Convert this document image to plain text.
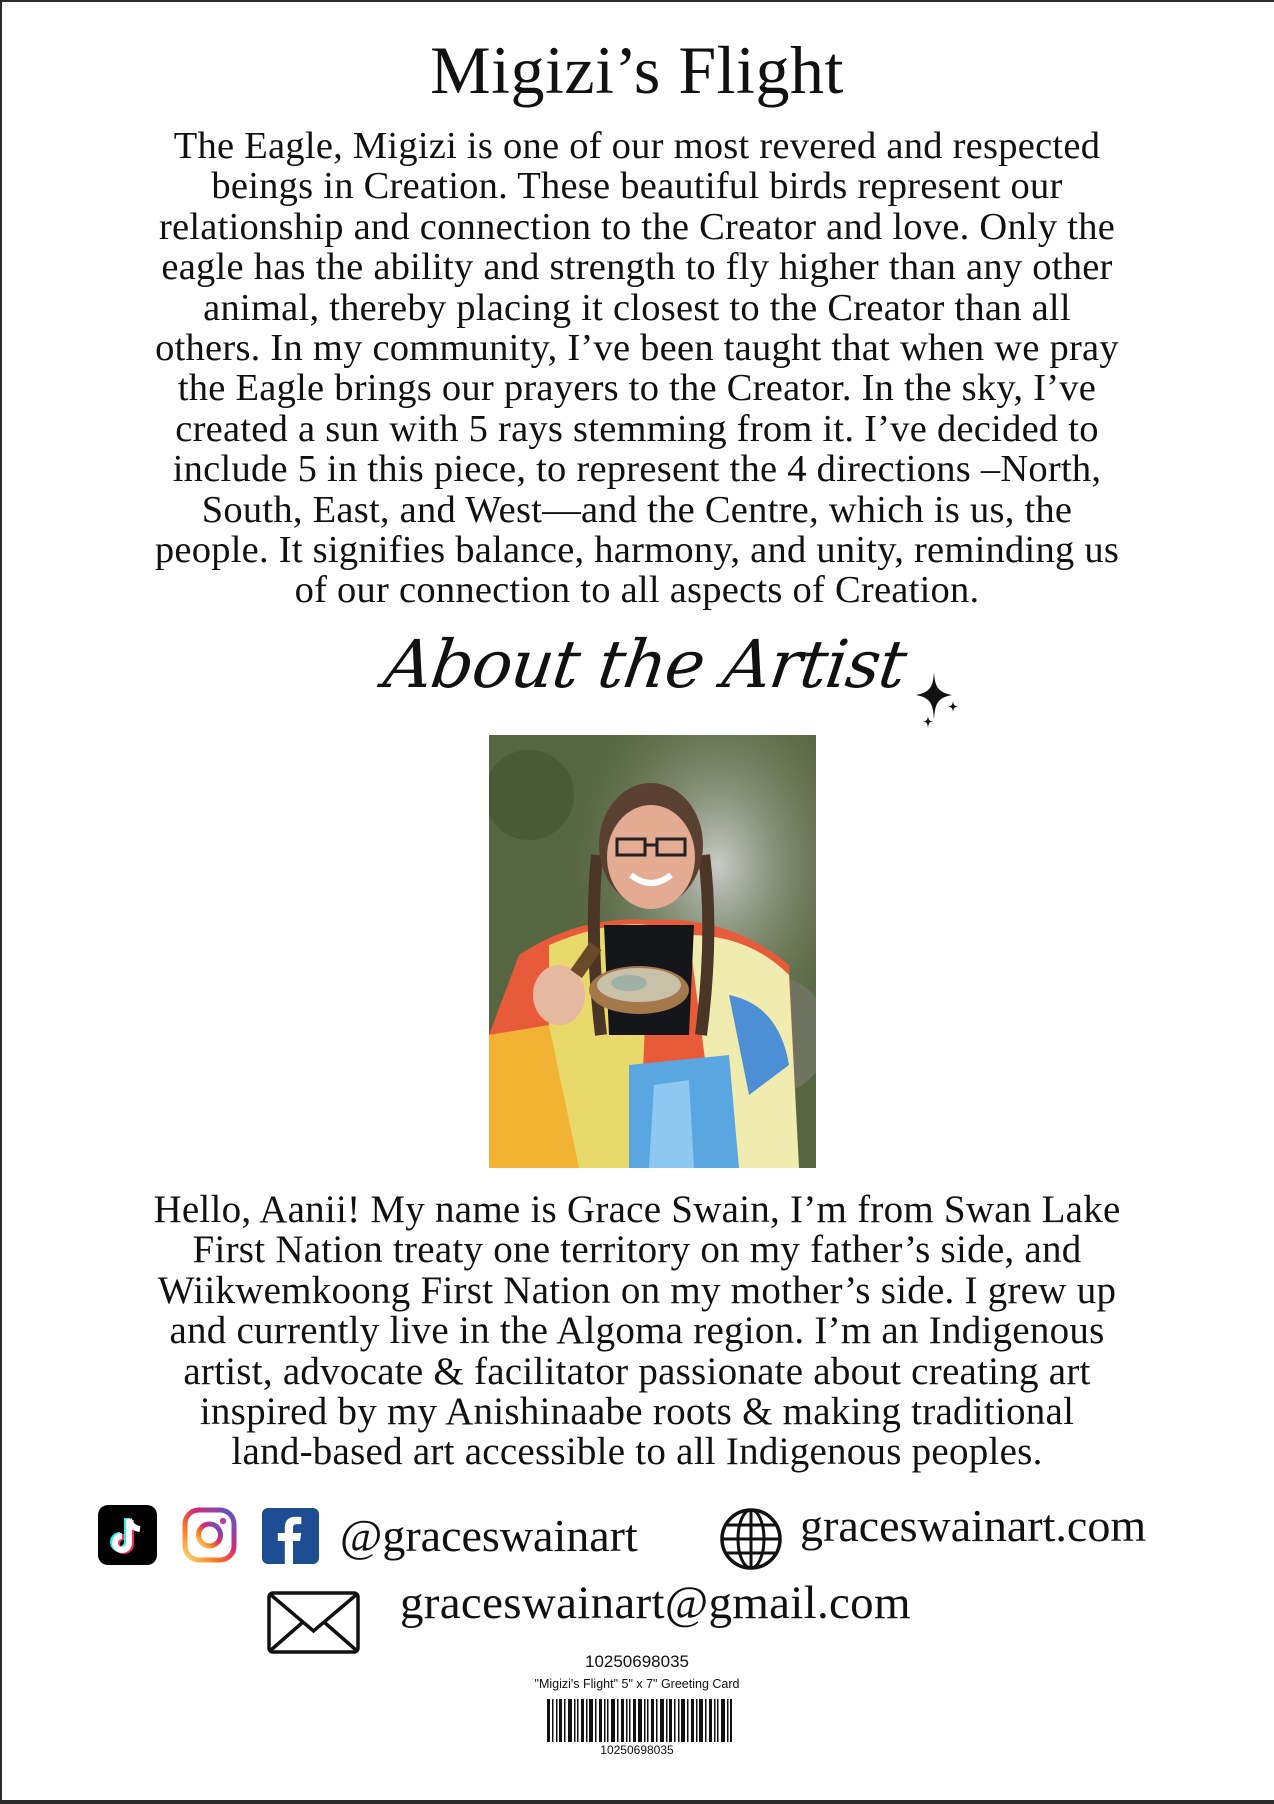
Migizi’s Flight
The Eagle, Migizi is one of our most revered and respected
beings in Creation. These beautiful birds represent our
relationship and connection to the Creator and love. Only the
eagle has the ability and strength to fly higher than any other
animal, thereby placing it closest to the Creator than all
others. In my community, I’ve been taught that when we pray
the Eagle brings our prayers to the Creator. In the sky, I’ve
created a sun with 5 rays stemming from it. I’ve decided to
include 5 in this piece, to represent the 4 directions –North,
South, East, and West—and the Centre, which is us, the
people. It signifies balance, harmony, and unity, reminding us
of our connection to all aspects of Creation.
About the Artist
Hello, Aanii! My name is Grace Swain, I’m from Swan Lake
First Nation treaty one territory on my father’s side, and
Wiikwemkoong First Nation on my mother’s side. I grew up
and currently live in the Algoma region. I’m an Indigenous
artist, advocate & facilitator passionate about creating art
inspired by my Anishinaabe roots & making traditional
land-based art accessible to all Indigenous peoples.
@graceswainart	graceswainart.com
graceswainart@gmail.com
10250698035
"Migizi's Flight" 5" x 7" Greeting Card
10250698035
